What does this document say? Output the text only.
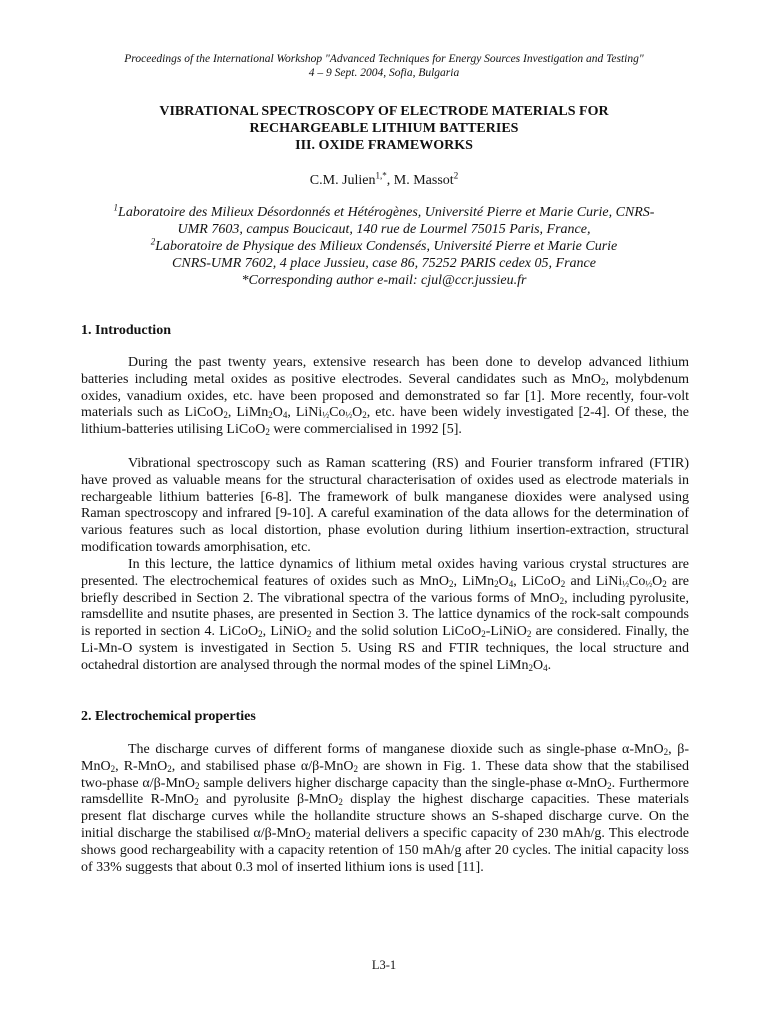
Proceedings of the International Workshop "Advanced Techniques for Energy Sources Investigation and Testing"
4 – 9 Sept. 2004, Sofia, Bulgaria
VIBRATIONAL SPECTROSCOPY OF ELECTRODE MATERIALS FOR
RECHARGEABLE LITHIUM BATTERIES
III. OXIDE FRAMEWORKS
C.M. Julien$^{1,*}$, M. Massot$^2$
$^1$Laboratoire des Milieux Désordonnés et Hétérogènes, Université Pierre et Marie Curie, CNRS-
UMR 7603, campus Boucicaut, 140 rue de Lourmel 75015 Paris, France,
$^2$Laboratoire de Physique des Milieux Condensés, Université Pierre et Marie Curie
CNRS-UMR 7602, 4 place Jussieu, case 86, 75252 PARIS cedex 05, France
*Corresponding author e-mail: cjul@ccr.jussieu.fr
1. Introduction

During the past twenty years, extensive research has been done to develop advanced lithium batteries including metal oxides as positive electrodes. Several candidates such as MnO$_2$, molybdenum oxides, vanadium oxides, etc. have been proposed and demonstrated so far [1]. More recently, four-volt materials such as LiCoO$_2$, $LiMn_2O_4$, $LiNi_{\frac{1}{2}}Co_{\frac{1}{2}}O_2$, etc. have been widely investigated [2-4]. Of these, the lithium-batteries utilising LiCoO$_2$ were commercialised in 1992 [5].

Vibrational spectroscopy such as Raman scattering (RS) and Fourier transform infrared (FTIR) have proved as valuable means for the structural characterisation of oxides used as electrode materials in rechargeable lithium batteries [6-8]. The framework of bulk manganese dioxides were analysed using Raman spectroscopy and infrared [9-10]. A careful examination of the data allows for the determination of various features such as local distortion, phase evolution during lithium insertion-extraction, structural modification towards amorphisation, etc.

In this lecture, the lattice dynamics of lithium metal oxides having various crystal structures are presented. The electrochemical features of oxides such as MnO$_2$, $LiMn_2O_4$, LiCoO$_2$ and $LiNi_{\frac{1}{2}}Co_{\frac{1}{2}}O_2$ are briefly described in Section 2. The vibrational spectra of the various forms of MnO$_2$, including pyrolusite, ramsdellite and nsutite phases, are presented in Section 3. The lattice dynamics of the rock-salt compounds is reported in section 4. LiCoO$_2$, LiNiO$_2$ and the solid solution LiCoO$_2$-LiNiO$_2$ are considered. Finally, the Li-Mn-O system is investigated in Section 5. Using RS and FTIR techniques, the local structure and octahedral distortion are analysed through the normal modes of the spinel $LiMn_2O_4$.

2. Electrochemical properties

The discharge curves of different forms of manganese dioxide such as single-phase α-MnO$_2$, β-MnO$_2$, R-MnO$_2$, and stabilised phase α/β-MnO$_2$ are shown in Fig. 1. These data show that the stabilised two-phase α/β-MnO$_2$ sample delivers higher discharge capacity than the single-phase α-MnO$_2$. Furthermore ramsdellite R-MnO$_2$ and pyrolusite β-MnO$_2$ display the highest discharge capacities. These materials present flat discharge curves while the hollandite structure shows an S-shaped discharge curve. On the initial discharge the stabilised α/β-MnO$_2$ material delivers a specific capacity of 230 mAh/g. This electrode shows good rechargeability with a capacity retention of 150 mAh/g after 20 cycles. The initial capacity loss of 33% suggests that about 0.3 mol of inserted lithium ions is used [11].

L3-1
